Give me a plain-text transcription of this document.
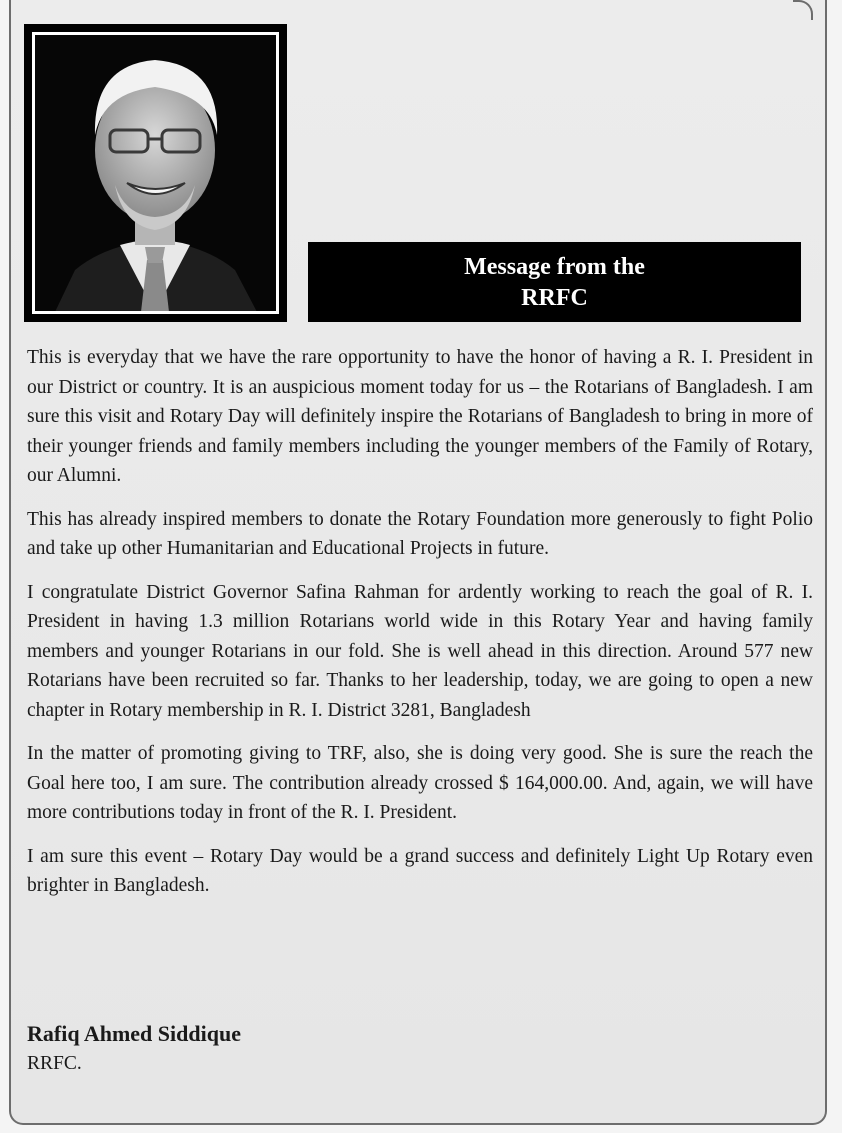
Message from the
RRFC

This is everyday that we have the rare opportunity to have the honor of having a R. I. President in our District or country. It is an auspicious moment today for us – the Rotarians of Bangladesh. I am sure this visit and Rotary Day will definitely inspire the Rotarians of Bangladesh to bring in more of their younger friends and family members including the younger members of the Family of Rotary, our Alumni.

This has already inspired members to donate the Rotary Foundation more generously to fight Polio and take up other Humanitarian and Educational Projects in future.

I congratulate District Governor Safina Rahman for ardently working to reach the goal of R. I. President in having 1.3 million Rotarians world wide in this Rotary Year and having family members and younger Rotarians in our fold. She is well ahead in this direction. Around 577 new Rotarians have been recruited so far. Thanks to her leadership, today, we are going to open a new chapter in Rotary membership in R. I. District 3281, Bangladesh

In the matter of promoting giving to TRF, also, she is doing very good. She is sure the reach the Goal here too, I am sure. The contribution already crossed $ 164,000.00. And, again, we will have more contributions today in front of the R. I. President.

I am sure this event – Rotary Day would be a grand success and definitely Light Up Rotary even brighter in Bangladesh.

Rafiq Ahmed Siddique
RRFC.
